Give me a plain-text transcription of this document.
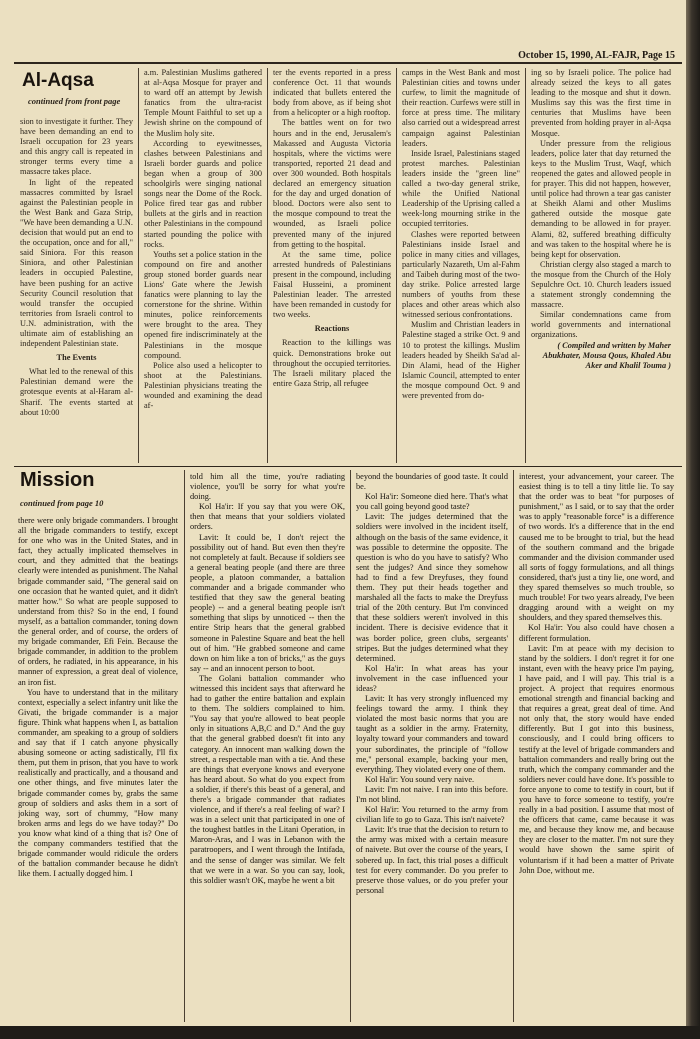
October 15, 1990, AL-FAJR, Page 15
Al-Aqsa
continued from front page

sion to investigate it further. They have been demanding an end to Israeli occupation for 23 years and this angry call is repeated in stronger terms every time a massacre takes place.

In light of the repeated massacres committed by Israel against the Palestinian people in the West Bank and Gaza Strip, "We have been demanding a U.N. decision that would put an end to the occupation, once and for all," said Siniora. For this reason Siniora, and other Palestinian leaders in occupied Palestine, have been pushing for an active Security Council resolution that would transfer the occupied territories from Israeli control to U.N. administration, with the ultimate aim of establishing an independent Palestinian state.

The Events

What led to the renewal of this Palestinian demand were the grotesque events at al-Haram al-Sharif. The events started at about 10:00

a.m. Palestinian Muslims gathered at al-Aqsa Mosque for prayer and to ward off an attempt by Jewish fanatics from the ultra-racist Temple Mount Faithful to set up a Jewish shrine on the compound of the Muslim holy site.

According to eyewitnesses, clashes between Palestinians and Israeli border guards and police began when a group of 300 schoolgirls were singing national songs near the Dome of the Rock. Police fired tear gas and rubber bullets at the girls and in reaction other Palestinians in the compound started pounding the police with rocks.

Youths set a police station in the compound on fire and another group stoned border guards near Lions' Gate where the Jewish fanatics were planning to lay the cornerstone for the shrine. Within minutes, police reinforcements were brought to the area. They opened fire indiscriminately at the Palestinians in the mosque compound.

Police also used a helicopter to shoot at the Palestinians. Palestinian physicians treating the wounded and examining the dead af-

ter the events reported in a press conference Oct. 11 that wounds indicated that bullets entered the body from above, as if being shot from a helicopter or a high rooftop.

The battles went on for two hours and in the end, Jerusalem's Makassed and Augusta Victoria hospitals, where the victims were transported, reported 21 dead and over 300 wounded. Both hospitals declared an emergency situation for the day and urged donation of blood. Doctors were also sent to the mosque compound to treat the wounded, as Israeli police prevented many of the injured from getting to the hospital.

At the same time, police arrested hundreds of Palestinians present in the compound, including Faisal Husseini, a prominent Palestinian leader. The arrested have been remanded in custody for two weeks.

Reactions

Reaction to the killings was quick. Demonstrations broke out throughout the occupied territories. The Israeli military placed the entire Gaza Strip, all refugee

camps in the West Bank and most Palestinian cities and towns under curfew, to limit the magnitude of their reaction. Curfews were still in force at press time. The military also carried out a widespread arrest campaign against Palestinian leaders.

Inside Israel, Palestinians staged protest marches. Palestinian leaders inside the "green line" called a two-day general strike, while the Unified National Leadership of the Uprising called a week-long mourning strike in the occupied territories.

Clashes were reported between Palestinians inside Israel and police in many cities and villages, particularly Nazareth, Um al-Fahm and Taibeh during most of the two-day strike. Police arrested large numbers of youths from these places and other areas which also witnessed serious confrontations.

Muslim and Christian leaders in Palestine staged a strike Oct. 9 and 10 to protest the killings. Muslim leaders headed by Sheikh Sa'ad al-Din Alami, head of the Higher Islamic Council, attempted to enter the mosque compound Oct. 9 and were prevented from do-

ing so by Israeli police. The police had already seized the keys to all gates leading to the mosque and shut it down. Muslims say this was the first time in centuries that Muslims have been prevented from holding prayer in al-Aqsa Mosque.

Under pressure from the religious leaders, police later that day returned the keys to the Muslim Trust, Waqf, which reopened the gates and allowed people in for prayer. This did not happen, however, until police had thrown a tear gas canister at Sheikh Alami and other Muslims gathered outside the mosque gate demanding to be allowed in for prayer. Alami, 82, suffered breathing difficulty and was taken to the hospital where he is being kept for observation.

Christian clergy also staged a march to the mosque from the Church of the Holy Sepulchre Oct. 10. Church leaders issued a statement strongly condemning the massacre.

Similar condemnations came from world governments and international organizations.

( Compiled and written by Maher Abukhater, Mousa Qous, Khaled Abu Aker and Khalil Touma )

Mission
continued from page 10

there were only brigade commanders. I brought all the brigade commanders to testify, except for one who was in the United States, and in fact, they actually implicated themselves in court, and they admitted that the beatings clearly were intended as punishment. The Nahal brigade commander said, "The general said on one occasion that he wanted quiet, and it didn't matter how." So what are people supposed to understand from this? So in the end, I found myself, as a battalion commander, toning down the general order, and of course, the orders of my brigade commander, Efi Fein. Because the brigade commander, in addition to the problem of orders, he radiated, in his appearance, in his manner of expression, a great deal of violence, an iron fist.

You have to understand that in the military context, especially a select infantry unit like the Givati, the brigade commander is a major figure. Think what happens when I, as battalion commander, am speaking to a group of soldiers and say that if I catch anyone physically abusing someone or acting sadistically, I'll fix them, put them in prison, that you have to work realistically and practically, and a thousand and one other things, and five minutes later the brigade commander comes by, grabs the same group of soldiers and asks them in a sort of joking way, sort of chummy, "How many broken arms and legs do we have today?" Do you know what kind of a thing that is? One of the company commanders testified that the brigade commander would ridicule the orders of the battalion commander because he didn't like them. I actually dogged him. I

told him all the time, you're radiating violence, you'll be sorry for what you're doing.

Kol Ha'ir: If you say that you were OK, then that means that your soldiers violated orders.

Lavit: It could be, I don't reject the possibility out of hand. But even then they're not completely at fault. Because if soldiers see a general beating people (and there are three people, a platoon commander, a battalion commander and a brigade commander who testified that they saw the general beating people) -- and a general beating people isn't something that slips by unnoticed -- then the entire Strip hears that the general grabbed someone in Palestine Square and beat the hell out of him. "He grabbed someone and came down on him like a ton of bricks," as the guys say -- and an innocent person to boot.

The Golani battalion commander who witnessed this incident says that afterward he had to gather the entire battalion and explain to them. The soldiers complained to him. "You say that you're allowed to beat people only in situations A,B,C and D." And the guy that the general grabbed doesn't fit into any category. An innocent man walking down the street, a respectable man with a tie. And these are things that everyone knows and everyone has heard about. So what do you expect from a soldier, if there's this beast of a general, and there's a brigade commander that radiates violence, and if there's a real feeling of war? I was in a select unit that participated in one of the toughest battles in the Litani Operation, in Maron-Aras, and I was in Lebanon with the paratroopers, and I went through the Intifada, and the sense of danger was similar. We felt that we were in a war. So you can say, look, this soldier wasn't OK, maybe he went a bit

beyond the boundaries of good taste. It could be.

Kol Ha'ir: Someone died here. That's what you call going beyond good taste?

Lavit: The judges determined that the soldiers were involved in the incident itself, although on the basis of the same evidence, it was possible to determine the opposite. The question is who do you have to satisfy? Who sent the judges? And since they somehow had to find a few Dreyfuses, they found them. They put their heads together and marshaled all the facts to make the Dreyfuss trial of the 20th century. But I'm convinced that these soldiers weren't involved in this incident. There is decisive evidence that it was border police, green clubs, sergeants' stripes. But the judges determined what they determined.

Kol Ha'ir: In what areas has your involvement in the case influenced your ideas?

Lavit: It has very strongly influenced my feelings toward the army. I think they violated the most basic norms that you are taught as a soldier in the army. Fraternity, loyalty toward your commanders and toward your subordinates, the principle of "follow me," personal example, backing your men, everything. They violated every one of them.

Kol Ha'ir: You sound very naive.

Lavit: I'm not naive. I ran into this before. I'm not blind.

Kol Ha'ir: You returned to the army from civilian life to go to Gaza. This isn't naivete?

Lavit: It's true that the decision to return to the army was mixed with a certain measure of naivete. But over the course of the years, I sobered up. In fact, this trial poses a difficult test for every commander. Do you prefer to preserve those values, or do you prefer your personal

interest, your advancement, your career. The easiest thing is to tell a tiny little lie. To say that the order was to beat "for purposes of punishment," as I said, or to say that the order was to apply "reasonable force" is a difference of two words. It's a difference that in the end caused me to be brought to trial, but the head of the southern command and the brigade commander and the division commander used all sorts of foggy formulations, and all things considered, that's just a tiny lie, one word, and they spared themselves so much trouble, so much trouble! For two years already, I've been dragging around with a weight on my shoulders, and they spared themselves this.

Kol Ha'ir: You also could have chosen a different formulation.

Lavit: I'm at peace with my decision to stand by the soldiers. I don't regret it for one instant, even with the heavy price I'm paying, I have paid, and I will pay. This trial is a project. A project that requires enormous emotional strength and financial backing and that requires a great, great deal of time. And not only that, the story would have ended differently. But I got into this business, consciously, and I could bring officers to testify at the level of brigade commanders and battalion commanders and really bring out the truth, which the company commander and the soldiers never could have done. It's possible to force anyone to come to testify in court, but if you have to force someone to testify, you're really in a bad position. I assume that most of the officers that came, came because it was me, and because they know me, and because they are closer to the matter. I'm not sure they would have shown the same spirit of voluntarism if it had been a matter of Private John Doe, without me.
